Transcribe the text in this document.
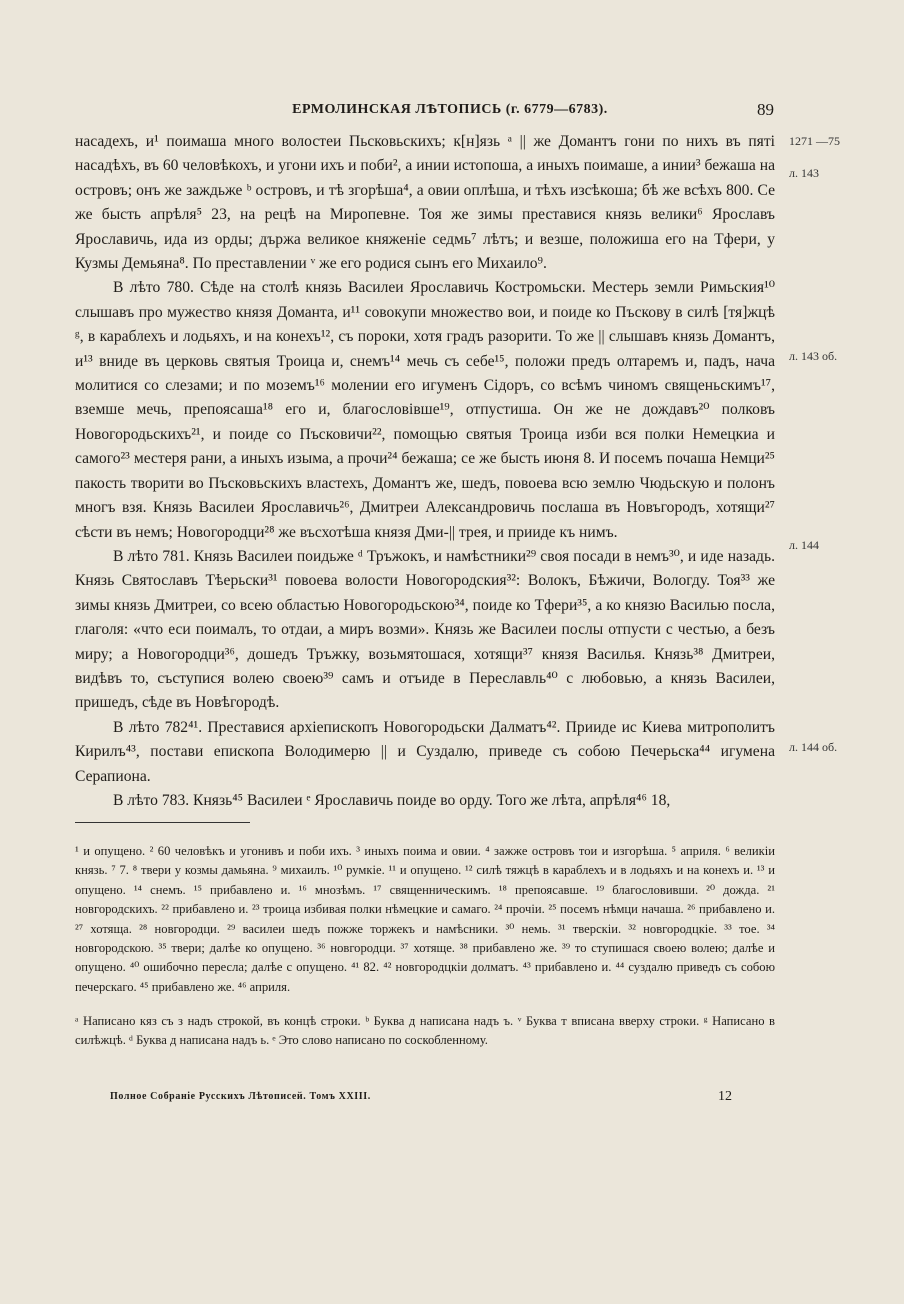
ЕРМОЛИНСКАЯ ЛѢТОПИСЬ (г. 6779—6783).	89
1271 —75
л. 143
л. 143 об.
л. 144
л. 144 об.

насадехъ, и¹ поимаша много волостеи Пьсковьскихъ; к[н]язь ᵃ || же Домантъ гони по нихъ въ пяті насадѣхъ, въ 60 человѣкохъ, и угони ихъ и поби², а инии истопоша, а иныхъ поимаше, а инии³ бежаша на островъ; онъ же заждьже ᵇ островъ, и тѣ згорѣша⁴, а овии оплѣша, и тѣхъ изсѣкоша; бѣ же всѣхъ 800. Се же бысть апрѣля⁵ 23, на рецѣ на Миропевне. Тоя же зимы преставися князь велики⁶ Ярославъ Ярославичь, ида из орды; държа великое княженіе седмь⁷ лѣтъ; и везше, положиша его на Тфери, у Кузмы Демьяна⁸. По преставлении ᵛ же его родися сынъ его Михаило⁹.

В лѣто 780. Сѣде на столѣ князь Василеи Ярославичь Костромьски. Местерь земли Римьския¹⁰ слышавъ про мужество князя Доманта, и¹¹ совокупи множество вои, и поиде ко Пъскову в силѣ [тя]жцѣ ᵍ, в караблехъ и лодьяхъ, и на конехъ¹², съ пороки, хотя градъ разорити. То же || слышавъ князь Домантъ, и¹³ вниде въ церковь святыя Троица и, снемъ¹⁴ мечь съ себе¹⁵, положи предъ олтаремъ и, падъ, нача молитися со слезами; и по моземъ¹⁶ молении его игуменъ Сідоръ, со всѣмъ чиномъ священьскимъ¹⁷, вземше мечь, препоясаша¹⁸ его и, благословівше¹⁹, отпустиша. Он же не дождавъ²⁰ полковъ Новогородьскихъ²¹, и поиде со Пъсковичи²², помощью святыя Троица изби вся полки Немецкиа и самого²³ местеря рани, а иныхъ изыма, а прочи²⁴ бежаша; се же бысть июня 8. И посемъ почаша Немци²⁵ пакость творити во Пъсковьскихъ властехъ, Домантъ же, шедъ, повоева всю землю Чюдьскую и полонъ многъ взя. Князь Василеи Ярославичь²⁶, Дмитреи Александровичь послаша въ Новъгородъ, хотящи²⁷ сѣсти въ немъ; Новогородци²⁸ же въсхотѣша князя Дми-|| трея, и прииде къ нимъ.

В лѣто 781. Князь Василеи поидьже ᵈ Тръжокъ, и намѣстники²⁹ своя посади в немъ³⁰, и иде назадь. Князь Святославъ Тѣерьски³¹ повоева волости Новогородския³²: Волокъ, Бѣжичи, Вологду. Тоя³³ же зимы князь Дмитреи, со всею областью Новогородьскою³⁴, поиде ко Тфери³⁵, а ко князю Василью посла, глаголя: «что еси поималъ, то отдаи, а миръ возми». Князь же Василеи послы отпусти с честью, а безъ миру; а Новогородци³⁶, дошедъ Тръжку, возьмятошася, хотящи³⁷ князя Василья. Князь³⁸ Дмитреи, видѣвъ то, съступися волею своею³⁹ самъ и отъиде в Переславль⁴⁰ с любовью, а князь Василеи, пришедъ, сѣде въ Новѣгородѣ.

В лѣто 782⁴¹. Преставися архіепископъ Новогородьски Далматъ⁴². Прииде ис Киева митрополитъ Кирилъ⁴³, постави епископа Володимерю || и Суздалю, приведе съ собою Печерьска⁴⁴ игумена Серапиона.

В лѣто 783. Князь⁴⁵ Василеи ᵉ Ярославичь поиде во орду. Того же лѣта, апрѣля⁴⁶ 18,

¹ и опущено. ² 60 человѣкъ и угонивъ и поби ихъ. ³ иныхъ поима и овии. ⁴ зажже островъ тои и изгорѣша. ⁵ априля. ⁶ великіи князь. ⁷ 7. ⁸ твери у козмы дамьяна. ⁹ михаилъ. ¹⁰ румкіе. ¹¹ и опущено. ¹² силѣ тяжцѣ в караблехъ и в лодьяхъ и на конехъ и. ¹³ и опущено. ¹⁴ снемъ. ¹⁵ прибавлено и. ¹⁶ мнозѣмъ. ¹⁷ священническимъ. ¹⁸ препоясавше. ¹⁹ благословивши. ²⁰ дождa. ²¹ новгородскихъ. ²² прибавлено и. ²³ троица избивая полки нѣмецкие и самаго. ²⁴ прочіи. ²⁵ посемъ нѣмци начаша. ²⁶ прибавлено и. ²⁷ хотяща. ²⁸ новгородци. ²⁹ василеи шедъ пожже торжекъ и намѣсники. ³⁰ немь. ³¹ тверскіи. ³² новгородцкіе. ³³ тое. ³⁴ новгородскою. ³⁵ твери; далѣе ко опущено. ³⁶ новгородци. ³⁷ хотяще. ³⁸ прибавлено же. ³⁹ то ступишася своею волею; далѣе и опущено. ⁴⁰ ошибочно переслa; далѣе с опущено. ⁴¹ 82. ⁴² новгородцкіи долматъ. ⁴³ прибавлено и. ⁴⁴ суздалю приведъ съ собою печерскаго. ⁴⁵ прибавлено же. ⁴⁶ априля.
ᵃ Написано кяз съ з надъ строкой, въ концѣ строки. ᵇ Буква д написана надъ ъ. ᵛ Буква т вписана вверху строки. ᵍ Написано в силѣжцѣ. ᵈ Буква д написана надъ ь. ᵉ Это слово написано по соскобленному.
Полное Собраніе Русскихъ Лѣтописей. Томъ XXIII.	12
